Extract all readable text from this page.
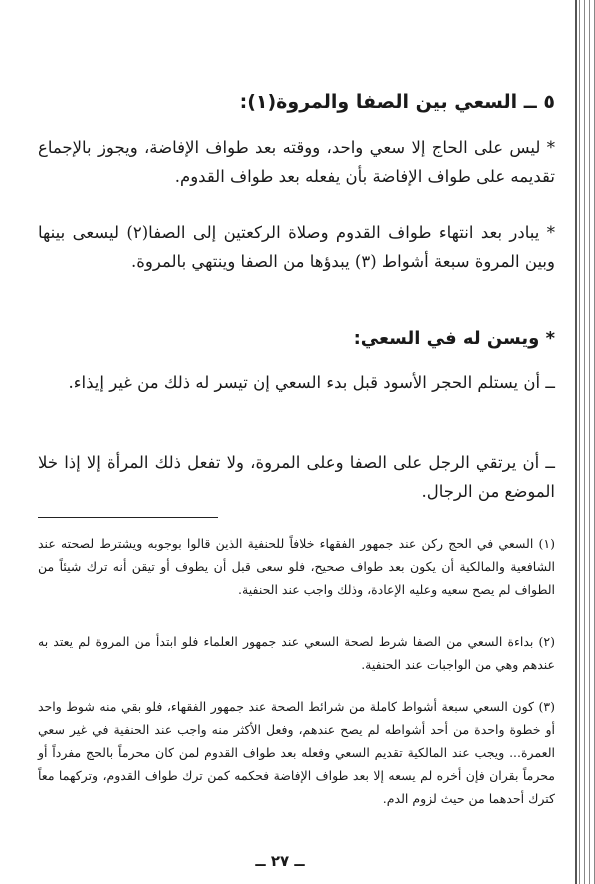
٥ ــ السعي بين الصفا والمروة(١):
* ليس على الحاج إلا سعي واحد، ووقته بعد طواف الإفاضة، ويجوز بالإجماع تقديمه على طواف الإفاضة بأن يفعله بعد طواف القدوم.
* يبادر بعد انتهاء طواف القدوم وصلاة الركعتين إلى الصفا(٢) ليسعى بينها وبين المروة سبعة أشواط (٣) يبدؤها من الصفا وينتهي بالمروة.
* ويسن له في السعي:
ــ أن يستلم الحجر الأسود قبل بدء السعي إن تيسر له ذلك من غير إيذاء.
ــ أن يرتقي الرجل على الصفا وعلى المروة، ولا تفعل ذلك المرأة إلا إذا خلا الموضع من الرجال.
(١) السعي في الحج ركن عند جمهور الفقهاء خلافاً للحنفية الذين قالوا بوجوبه ويشترط لصحته عند الشافعية والمالكية أن يكون بعد طواف صحيح، فلو سعى قبل أن يطوف أو تيقن أنه ترك شيئاً من الطواف لم يصح سعيه وعليه الإعادة، وذلك واجب عند الحنفية.
(٢) بداءة السعي من الصفا شرط لصحة السعي عند جمهور العلماء فلو ابتدأ من المروة لم يعتد به عندهم وهي من الواجبات عند الحنفية.
(٣) كون السعي سبعة أشواط كاملة من شرائط الصحة عند جمهور الفقهاء، فلو بقي منه شوط واحد أو خطوة واحدة من أحد أشواطه لم يصح عندهم، وفعل الأكثر منه واجب عند الحنفية في غير سعي العمرة... ويجب عند المالكية تقديم السعي وفعله بعد طواف القدوم لمن كان محرماً بالحج مفرداً أو محرماً بقران فإن أخره لم يسعه إلا بعد طواف الإفاضة فحكمه كمن ترك طواف القدوم، وتركهما معاً كترك أحدهما من حيث لزوم الدم.
ــ ٢٧ ــ
